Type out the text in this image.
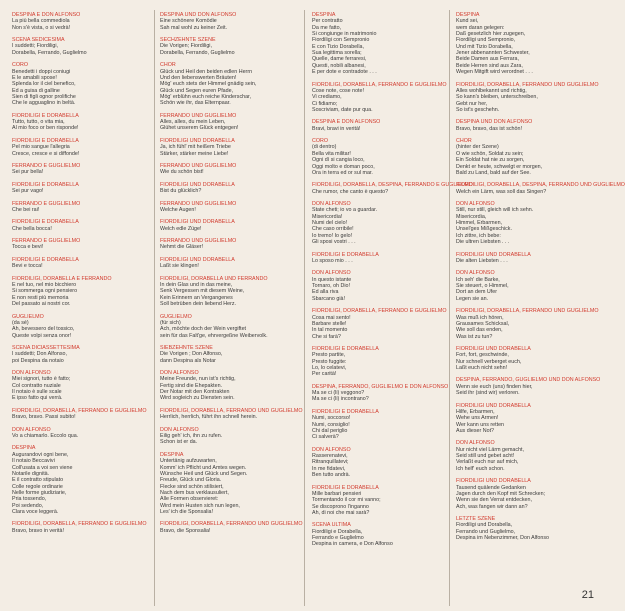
DESPINA E DON ALFONSO
La più bella commediola
Non s'è vista, o si vedrà!
SCENA SEDICESIMA
I suddetti; Fiordiligi,
Dorabella, Ferrando, Guglielmo
CORO
Benedetti i doppi coniugi
E le amabili spose!
Splenda lor il ciel benefico,
Ed a guisa di galline
Sien di figli ognor prolifiche
Che le agguaglino in beltà.
FIORDILIGI E DORABELLA
Tutto, tutto, o vita mia,
Al mio foco or ben risponde!
FIORDILIGI E DORABELLA
Pel mio sangue l'allegria
Cresce, cresce e si diffonde!
FERRANDO E GUGLIELMO
Sei pur bella!
FIORDILIGI E DORABELLA
Sei pur vago!
FERRANDO E GUGLIELMO
Che bei rai!
FIORDILIGI E DORABELLA
Che bella bocca!
FERRANDO E GUGLIELMO
Tocca e bevi!
FIORDILIGI E DORABELLA
Bevi e tocca!
FIORDILIGI, DORABELLA E FERRANDO
E nel tuo, nel mio bicchiero
Si sommerga ogni pensiero
E non resti più memoria
Del passato ai nostri cor.
GUGLIELMO
(da sé)
Ah, bevessero del tossico,
Queste volpi senza onor!
SCENA DICIASSETTESIMA
I suddetti; Don Alfonso,
poi Despina da notaio
DON ALFONSO
Miei signori, tutto è fatto;
Col contratto nuziale
Il notaio è sulle scale
E ipso fatto qui verrà.
FIORDILIGI, DORABELLA, FERRANDO E GUGLIELMO
Bravo, bravo. Passi subito!
DON ALFONSO
Vo a chiamarlo. Eccolo qua.
DESPINA
Augurandovi ogni bene,
Il notaio Beccavivi
Coll'usata a voi sen viene
Notarile dignità.
E il contratto stipulato
Colle regole ordinarie
Nelle forme giudiziarie,
Pria tossendo,
Poi sedendo,
Clara voce leggerà.
FIORDILIGI, DORABELLA, FERRANDO E GUGLIELMO
Bravo, bravo in verità!
DESPINA UND DON ALFONSO
Eine schönere Komödie
Sah mal wohl zu keiner Zeit.
SECHZEHNTE SZENE
Die Vorigen; Fiordiligi,
Dorabella, Ferrando, Guglielmo
CHOR
Glück und Heil den beiden edlen Herrn
Und den liebenswerten Bräuten!
Mög' euch stets der Himmel gnädig sein,
Glück und Segen euren Pfade,
Mög' erblühn euch reiche Kinderschar,
Schön wie ihr, das Elternpaar.
FERRANDO UND GUGLIELMO
Alles, alles, du mein Leben,
Glühet unserem Glück entgegen!
FIORDILIGI UND DORABELLA
Ja, ich fühl' mit heißem Triebe
Stärker, stärker meine Liebe!
FERRANDO UND GUGLIELMO
Wie du schön bist!
FIORDILIGI UND DORABELLA
Bist du glücklich?
FERRANDO UND GUGLIELMO
Welche Augen!
FIORDILIGI UND DORABELLA
Welch edle Züge!
FERRANDO UND GUGLIELMO
Nehmt die Gläser!
FIORDILIGI UND DORABELLA
Laßt sie klingen!
FIORDILIGI, DORABELLA UND FERRANDO
In dein Glas und in das meine,
Senk Vergessen mit diesem Weine,
Kein Erinnern an Vergangenes
Soll betrüben dein liebend Herz.
GUGLIELMO
(für sich)
Ach, möchte doch der Wein vergiftet
sein für das Falt'ge, ehrvergeßne Weibervolk.
SIEBZEHNTE SZENE
Die Vorigen ; Don Alfonso,
dann Despina als Notar
DON ALFONSO
Meine Freunde, nun ist's richtig,
Fertig sind die Ehepakten.
Der Notar mit den Kontrakten
Wird sogleich zu Diensten sein.
FIORDILIGI, DORABELLA, FERRANDO UND GUGLIELMO
Herrlich, herrlich, führt ihn schnell herein.
DON ALFONSO
Eilig geh' ich, ihn zu rufen.
Schon ist er da.
DESPINA
Untertänig aufzuwarten,
Komm' ich Pflicht und Amtes wegen.
Wünsche Heil und Glück und Segen.
Freude, Glück und Gloria.
Flecke sind schön stilisiert,
Nach dem bus verklausuliert,
Alle Formen observieret:
Wird mein Husten sich nun legen,
Les' ich die Sponsalia!
FIORDILIGI, DORABELLA, FERRANDO UND GUGLIELMO
Bravo, die Sponsalia!
DESPINA
Per contratto
Da me fatto,
Si congiunge in matrimonio
Fiordiligi con Sempronio
E con Tizio Dorabella,
Sua legittima sorella;
Quelle, dame ferraresi,
Questi, nobili albanesi,
E per dote e contradote . . .
FIORDILIGI, DORABELLA, FERRANDO E GUGLIELMO
Cose note, cose note!
Vi crediamo,
Ci fidiamo;
Soscriviam, date pur qua.
DESPINA E DON ALFONSO
Bravi, bravi in verità!
CORO
(di dentro)
Bella vita militar!
Ogni dì si cangia loco,
Oggi molto e doman poco,
Ora in terra ed or sul mar.
FIORDILIGI, DORABELLA, DESPINA, FERRANDO E GUGLIELMO
Che rumor, che canto è questo?
DON ALFONSO
State cheti; io vo a guardar.
Misericordia!
Numi del cielo!
Che caso orribile!
Io tremo! Io gelo!
Gli sposi vostri . . .
FIORDILIGI E DORABELLA
Lo sposo mio . . .
DON ALFONSO
In questo istante
Tornaro, oh Dio!
Ed alla riva
Sbarcano già!
FIORDILIGI, DORABELLA, FERRANDO E GUGLIELMO
Cosa mai sento!
Barbare stelle!
In tal momento
Che si farà?
FIORDILIGI E DORABELLA
Presto partite,
Presto fuggite:
Lo, lo celatevi,
Per carità!
DESPINA, FERRANDO, GUGLIELMO E DON ALFONSO
Ma se ci (li) veggono?
Ma se ci (li) incontrano?
FIORDILIGI E DORABELLA
Numi, soccorso!
Numi, consiglio!
Chi dal periglio
Ci salverà?
DON ALFONSO
Rasserenatevi,
Ritranquillatevi;
In me fidatevi,
Ben tutto andrà.
FIORDILIGI E DORABELLA
Mille barbari pensieri
Tormentando il cor mi vanno;
Se discoprono l'inganno
Ah, di noi che mai sarà?
SCENA ULTIMA
Fiordiligi e Dorabella,
Ferrando e Guglielmo
Despina in camera, e Don Alfonso
DESPINA
Kund sei,
wem daran gelegen:
Daß gesetzlich hier zugegen,
Fiordiligi und Sempronio,
Und mit Tizio Dorabella,
Jener abbenannten Schwester,
Beide Damen aus Ferrara,
Beide Herren sind aus Zara,
Wegen Mitgift wird verordnet . . .
FIORDILIGI, DORABELLA, FERRANDO UND GUGLIELMO
Alles wohlbekannt und richtig,
So kann's bleiben, unterschreiben,
Gebt nur her,
So ist's geschehn.
DESPINA UND DON ALFONSO
Bravo, bravo, das ist schön!
CHOR
(hinter der Szene)
O wie schön, Soldat zu sein;
Ein Soldat hat nie zu sorgen,
Denkt er heute, schwelgt er morgen,
Bald zu Land, bald auf der See.
FIORDILIGI, DORABELLA, DESPINA, FERRANDO UND GUGLIELMO
Welch ein Lärm, was soll das Singen?
DON ALFONSO
Still, nur still, gleich will ich sehn.
Misericordia,
Himmel, Erbarmen,
Unsel'ges Mißgeschick.
Ich zittre, ich bebe:
Die ultren Liebsten . . .
FIORDILIGI UND DORABELLA
Die alten Liebsten . . .
DON ALFONSO
Ich seh' die Barke,
Sie steuert, o Himmel,
Dort an dem Ufer
Legen sie an.
FIORDILIGI, DORABELLA, FERRANDO UND GUGLIELMO
Was muß ich hören,
Grausames Schicksal,
Wie soll das enden,
Was ist zu tun?
FIORDILIGI UND DORABELLA
Fort, fort, geschwinde,
Nur schnell verberget euch,
Laßt euch nicht sehn!
DESPINA, FERRANDO, GUGLIELMO UND DON ALFONSO
Wenn sie euch (uns) finden hier,
Seid ihr (sind wir) verloren.
FIORDILIGI UND DORABELLA
Hilfe, Erbarmen,
Wehe uns Armen!
Wer kann uns retten
Aus dieser Not?
DON ALFONSO
Nur nicht viel Lärm gemacht,
Seid still und gebet acht!
Verlaßt euch nur auf mich,
Ich helf' euch schon.
FIORDILIGI UND DORABELLA
Tausend quälende Gedanken
Jagen durch den Kopf mit Schrecken;
Wenn sie den Verrat entdecken,
Ach, was fangen wir dann an?
LETZTE SZENE
Fiordiligi und Dorabella,
Ferrando und Guglielmo,
Despina im Nebenzimmer, Don Alfonso
21
